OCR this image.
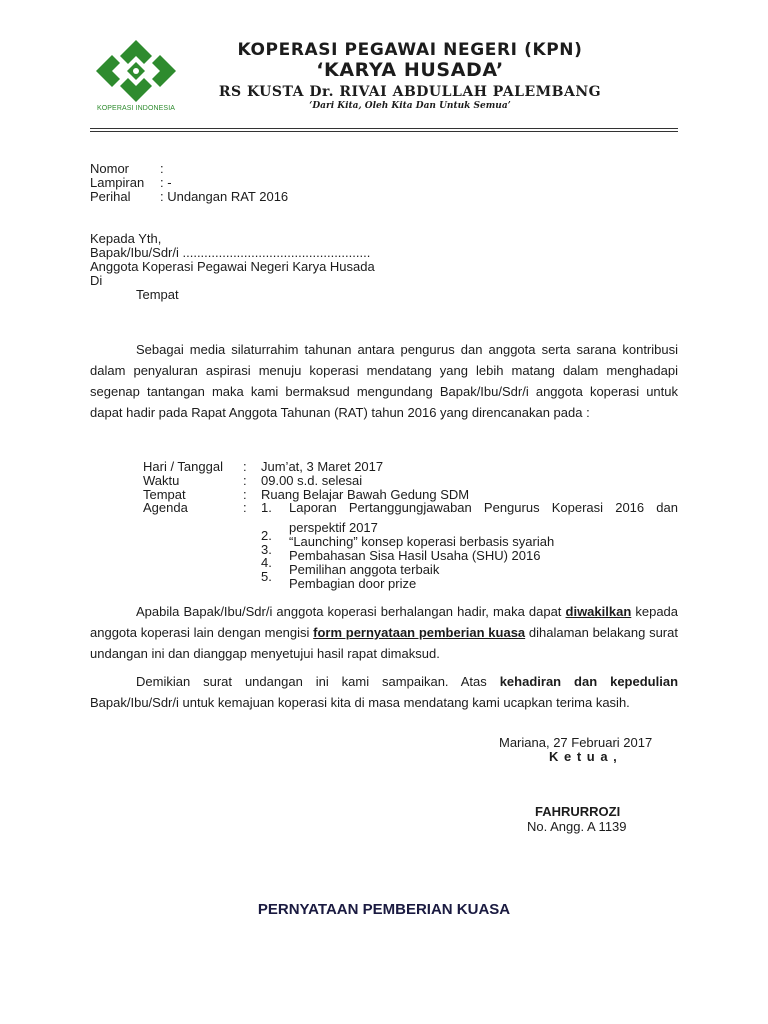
KOPERASI INDONESIA
KOPERASI PEGAWAI NEGERI (KPN)
‘KARYA HUSADA’
RS KUSTA Dr. RIVAI ABDULLAH PALEMBANG
‘Dari Kita, Oleh Kita Dan Untuk Semua’
Nomor :
Lampiran : -
Perihal : Undangan RAT 2016
Kepada Yth,
Bapak/Ibu/Sdr/i ....................................................
Anggota Koperasi Pegawai Negeri Karya Husada
Di
Tempat
Sebagai media silaturrahim tahunan antara pengurus dan anggota serta sarana kontribusi dalam penyaluran aspirasi menuju koperasi mendatang yang lebih matang dalam menghadapi segenap tantangan maka kami bermaksud mengundang Bapak/Ibu/Sdr/i anggota koperasi untuk dapat hadir pada Rapat Anggota Tahunan (RAT) tahun 2016 yang direncanakan pada :
Hari / Tanggal : Jum’at, 3 Maret 2017
Waktu	: 09.00 s.d. selesai
Tempat	: Ruang Belajar Bawah Gedung SDM
Agenda	: 1. Laporan Pertanggungjawaban Pengurus Koperasi 2016 dan
perspektif 2017
2. “Launching” konsep koperasi berbasis syariah
3. Pembahasan Sisa Hasil Usaha (SHU) 2016
4. Pemilihan anggota terbaik
5. Pembagian door prize
Apabila Bapak/Ibu/Sdr/i anggota koperasi berhalangan hadir, maka dapat diwakilkan kepada anggota koperasi lain dengan mengisi form pernyataan pemberian kuasa dihalaman belakang surat undangan ini dan dianggap menyetujui hasil rapat dimaksud.
Demikian surat undangan ini kami sampaikan. Atas kehadiran dan kepedulian Bapak/Ibu/Sdr/i untuk kemajuan koperasi kita di masa mendatang kami ucapkan terima kasih.
Mariana, 27 Februari 2017
K e t u a ,
FAHRURROZI
No. Angg. A 1139
PERNYATAAN PEMBERIAN KUASA
